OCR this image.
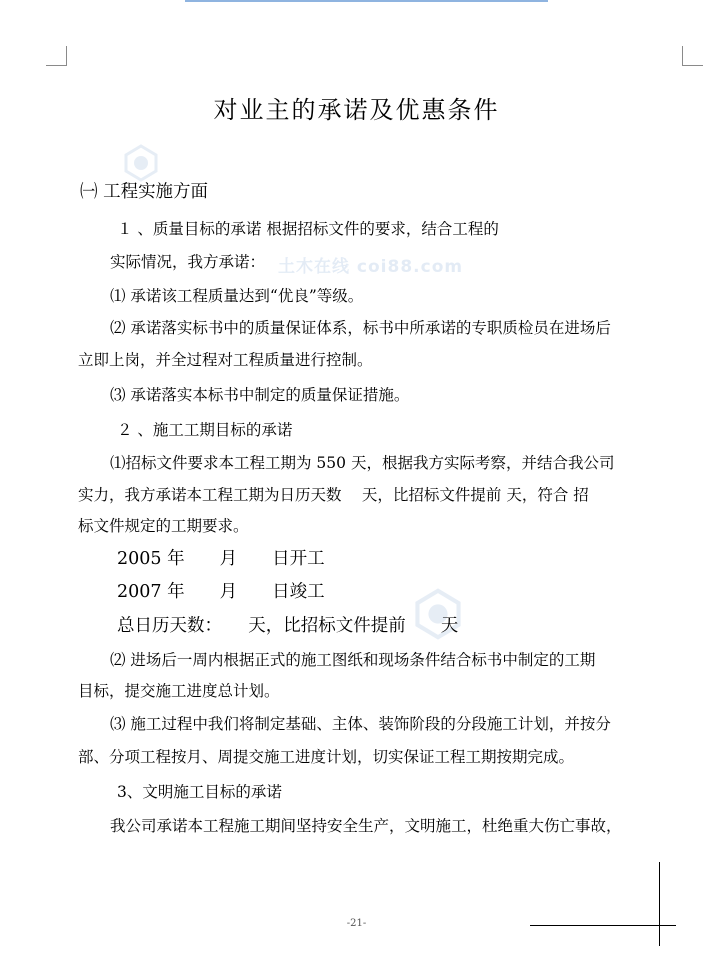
土木在线 coi88.com
对业主的承诺及优惠条件
㈠ 工程实施方面
１ 、质量目标的承诺 根据招标文件的要求，结合工程的
实际情况，我方承诺：
⑴ 承诺该工程质量达到“优良”等级。
⑵ 承诺落实标书中的质量保证体系，标书中所承诺的专职质检员在进场后
立即上岗，并全过程对工程质量进行控制。
⑶ 承诺落实本标书中制定的质量保证措施。
２ 、施工工期目标的承诺
⑴招标文件要求本工程工期为 550 天，根据我方实际考察，并结合我公司
实力，我方承诺本工程工期为日历天数　 天，比招标文件提前 天，符合 招
标文件规定的工期要求。
2005 年　　月　　日开工
2007 年　　月　　日竣工
总日历天数：　　天，比招标文件提前　　天
⑵ 进场后一周内根据正式的施工图纸和现场条件结合标书中制定的工期
目标，提交施工进度总计划。
⑶ 施工过程中我们将制定基础、主体、装饰阶段的分段施工计划，并按分
部、分项工程按月、周提交施工进度计划，切实保证工程工期按期完成。
3、文明施工目标的承诺
我公司承诺本工程施工期间坚持安全生产，文明施工，杜绝重大伤亡事故，
-21-
